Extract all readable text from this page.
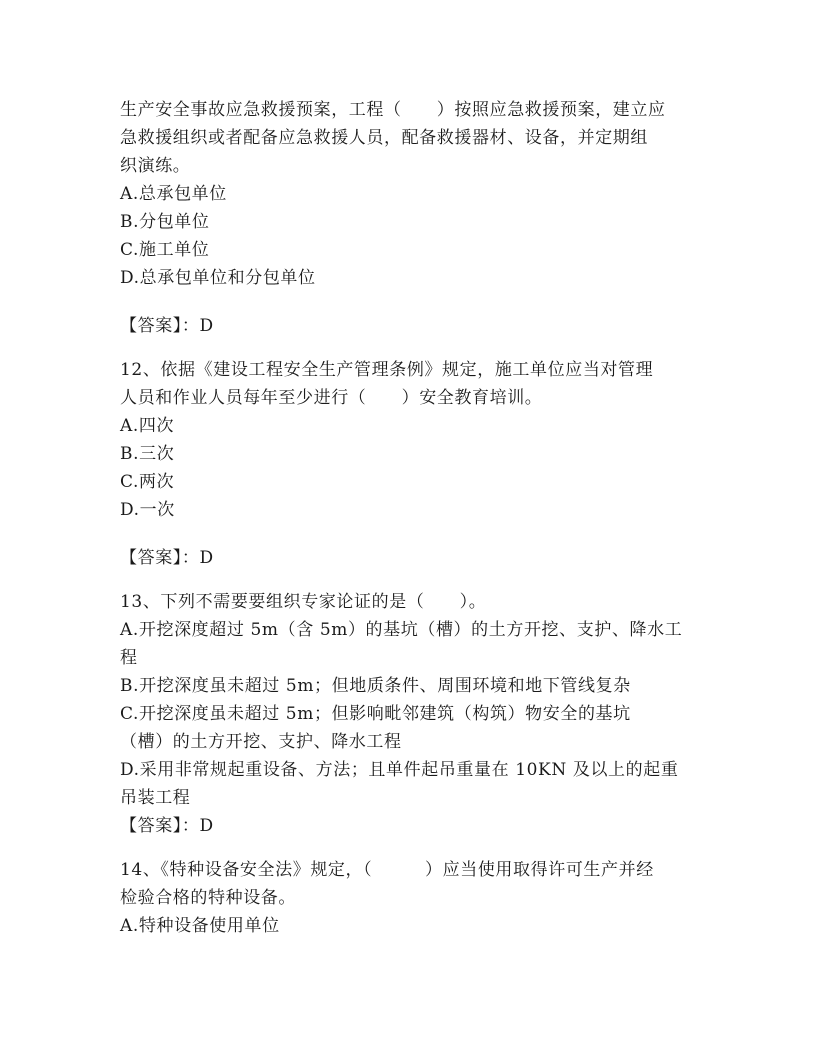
生产安全事故应急救援预案，工程（　　）按照应急救援预案，建立应
急救援组织或者配备应急救援人员，配备救援器材、设备，并定期组
织演练。
A.总承包单位
B.分包单位
C.施工单位
D.总承包单位和分包单位
【答案】：D
12、依据《建设工程安全生产管理条例》规定，施工单位应当对管理
人员和作业人员每年至少进行（　　）安全教育培训。
A.四次
B.三次
C.两次
D.一次
【答案】：D
13、下列不需要要组织专家论证的是（　　）。
A.开挖深度超过 5m（含 5m）的基坑（槽）的土方开挖、支护、降水工
程
B.开挖深度虽未超过 5m；但地质条件、周围环境和地下管线复杂
C.开挖深度虽未超过 5m；但影响毗邻建筑（构筑）物安全的基坑
（槽）的土方开挖、支护、降水工程
D.采用非常规起重设备、方法；且单件起吊重量在 10KN 及以上的起重
吊装工程
【答案】：D
14、《特种设备安全法》规定，（　　　）应当使用取得许可生产并经
检验合格的特种设备。
A.特种设备使用单位
